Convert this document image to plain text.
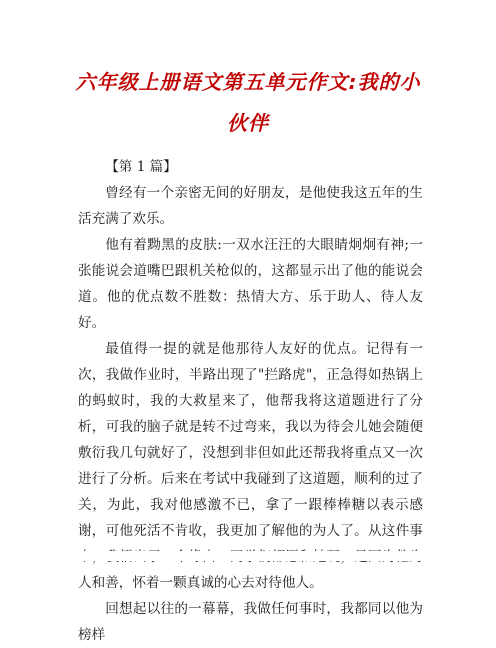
六年级上册语文第五单元作文:我的小
伙伴

【第 1 篇】

曾经有一个亲密无间的好朋友，是他使我这五年的生活充满了欢乐。

他有着黝黑的皮肤:一双水汪汪的大眼睛炯炯有神;一张能说会道嘴巴跟机关枪似的，这都显示出了他的能说会道。他的优点数不胜数：热情大方、乐于助人、待人友好。

最值得一提的就是他那待人友好的优点。记得有一次，我做作业时，半路出现了"拦路虎"，正急得如热锅上的蚂蚁时，我的大救星来了，他帮我将这道题进行了分析，可我的脑子就是转不过弯来，我以为待会儿她会随便敷衍我几句就好了，没想到非但如此还帮我将重点又一次进行了分析。后来在考试中我碰到了这道题，顺利的过了关，为此，我对他感激不已，拿了一跟棒棒糖以表示感谢，可他死活不肯收，我更加了解他的为人了。从这件事 人和善，怀着一颗真诚的心去对待他人。

回想起以往的一幕幕，我做任何事时，我都同以他为榜样
